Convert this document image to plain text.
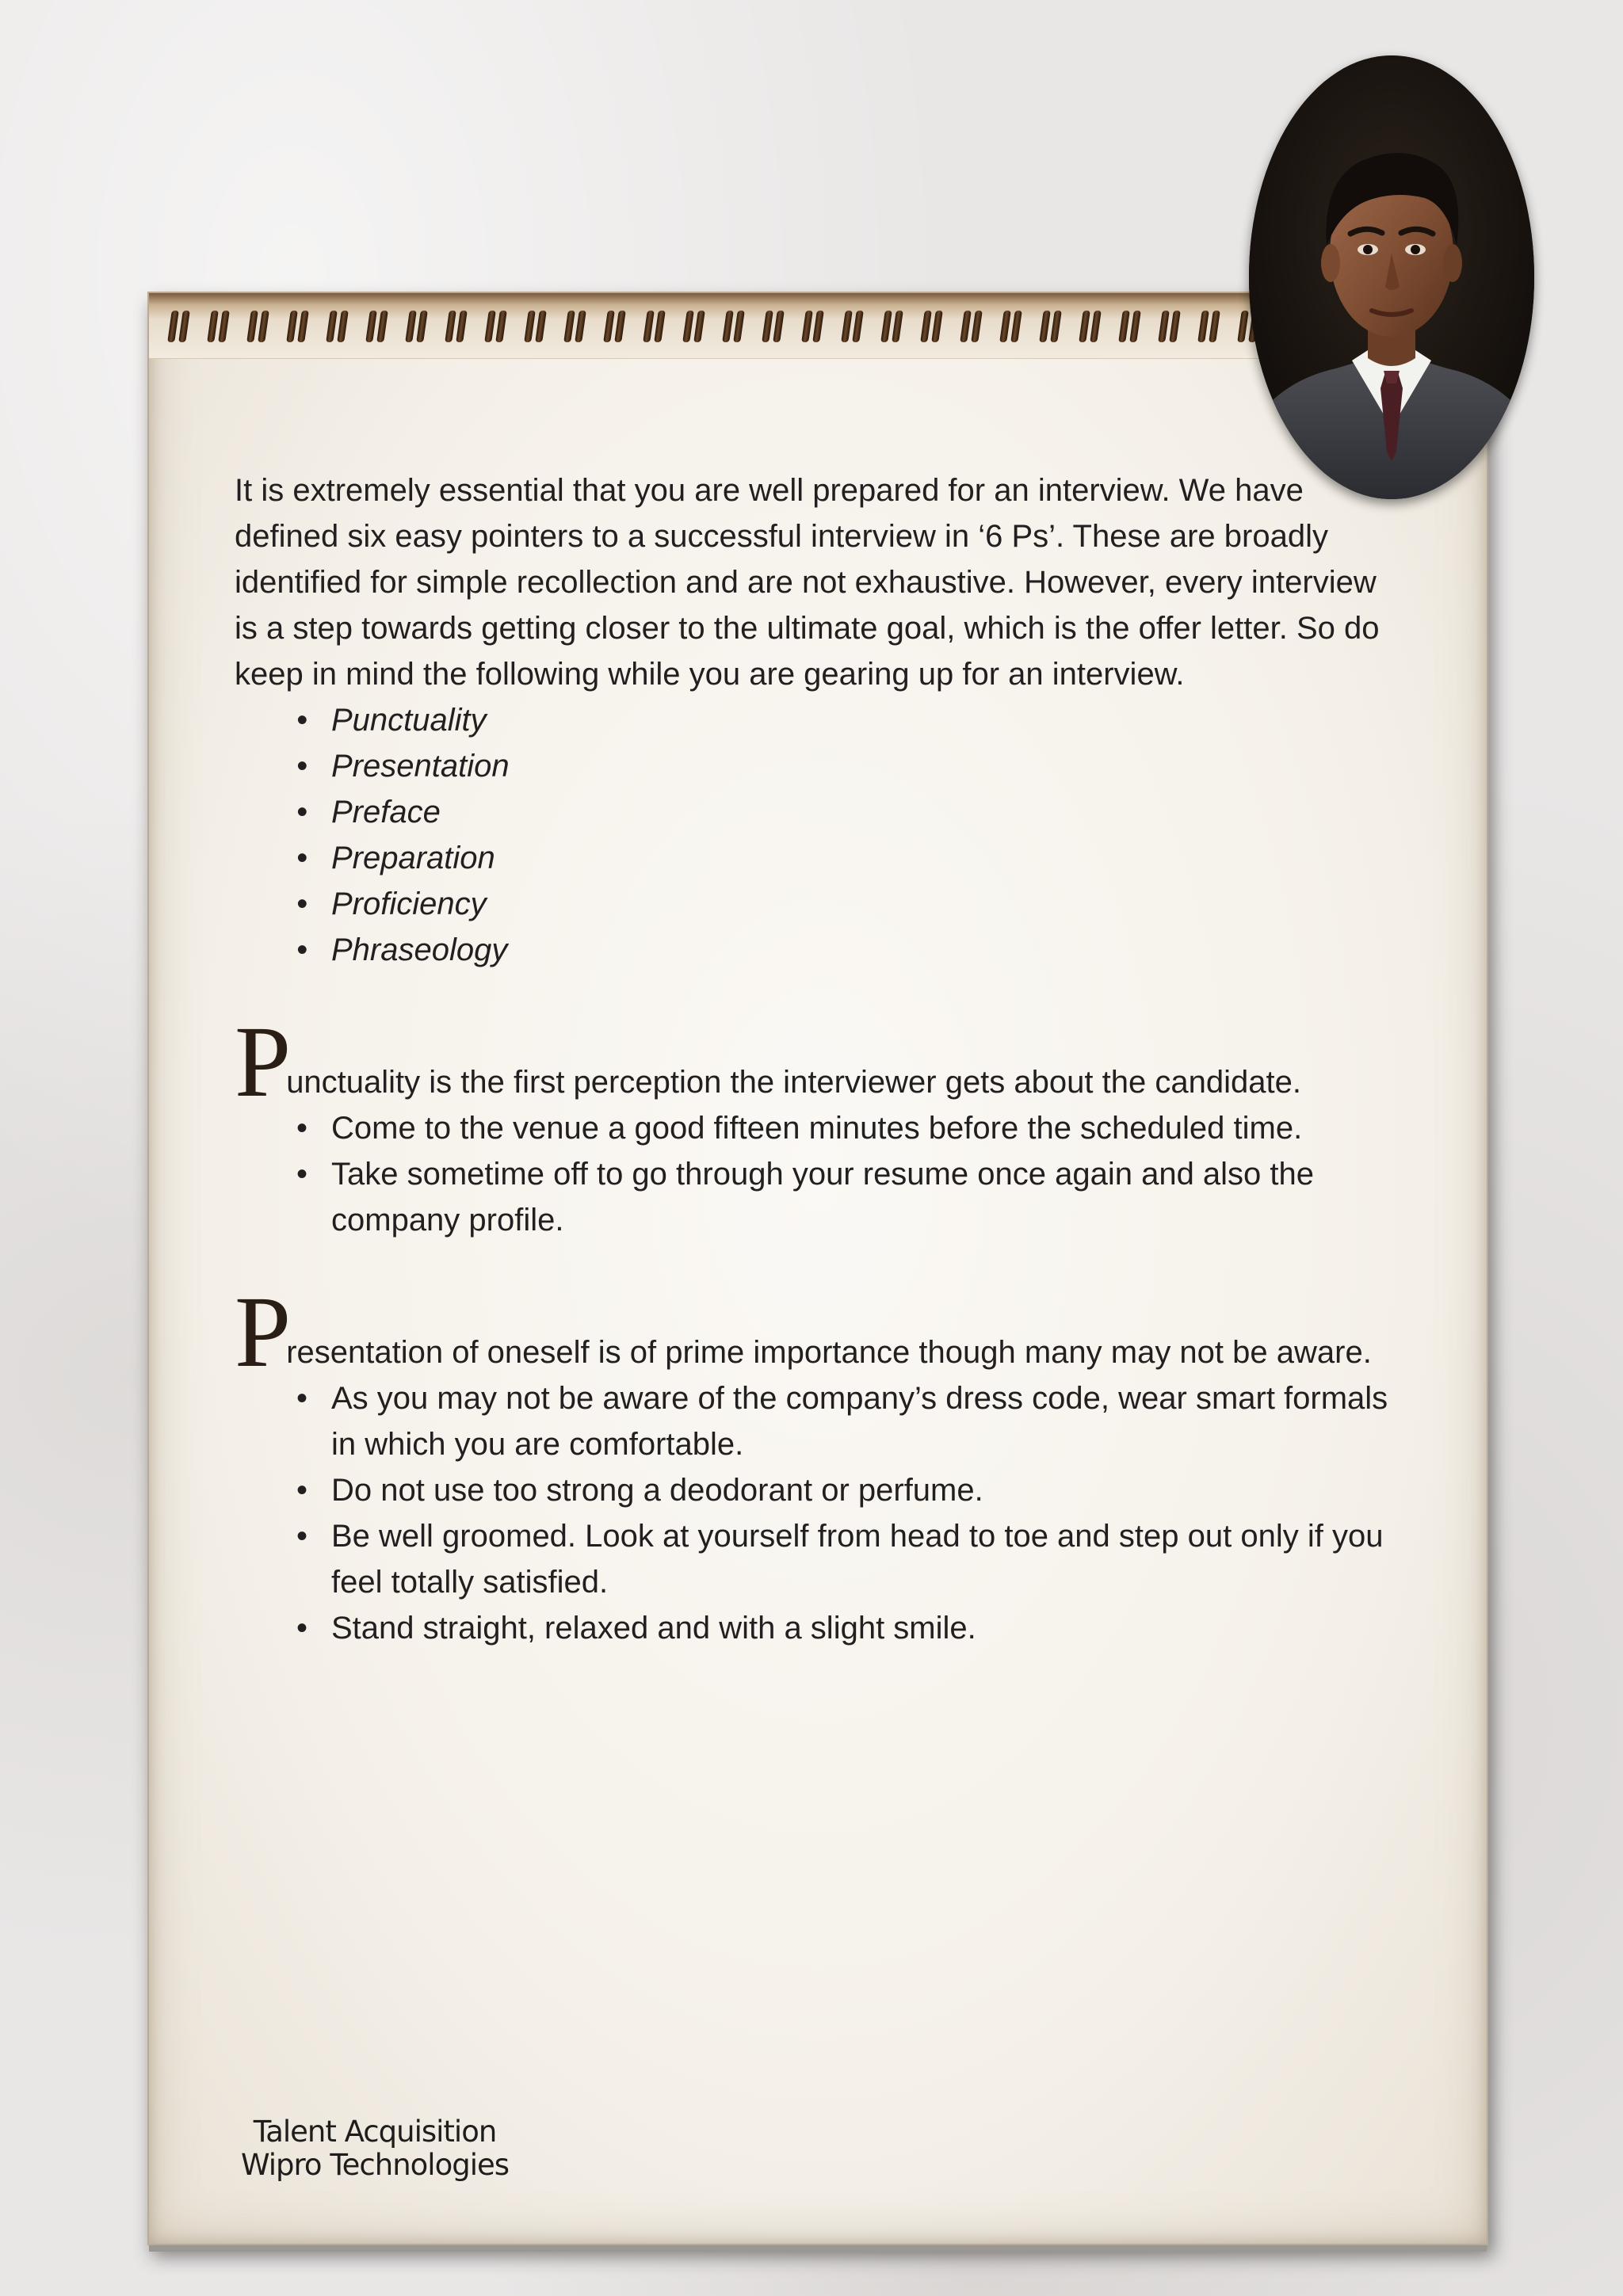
It is extremely essential that you are well prepared for an interview. We have defined six easy pointers to a successful interview in ‘6 Ps’. These are broadly identified for simple recollection and are not exhaustive. However, every interview is a step towards getting closer to the ultimate goal, which is the offer letter. So do keep in mind the following while you are gearing up for an interview.

• Punctuality
• Presentation
• Preface
• Preparation
• Proficiency
• Phraseology

Punctuality is the first perception the interviewer gets about the candidate.

• Come to the venue a good fifteen minutes before the scheduled time.
• Take sometime off to go through your resume once again and also the company profile.

Presentation of oneself is of prime importance though many may not be aware.

• As you may not be aware of the company’s dress code, wear smart formals in which you are comfortable.
• Do not use too strong a deodorant or perfume.
• Be well groomed. Look at yourself from head to toe and step out only if you feel totally satisfied.
• Stand straight, relaxed and with a slight smile.
Talent Acquisition
Wipro Technologies
